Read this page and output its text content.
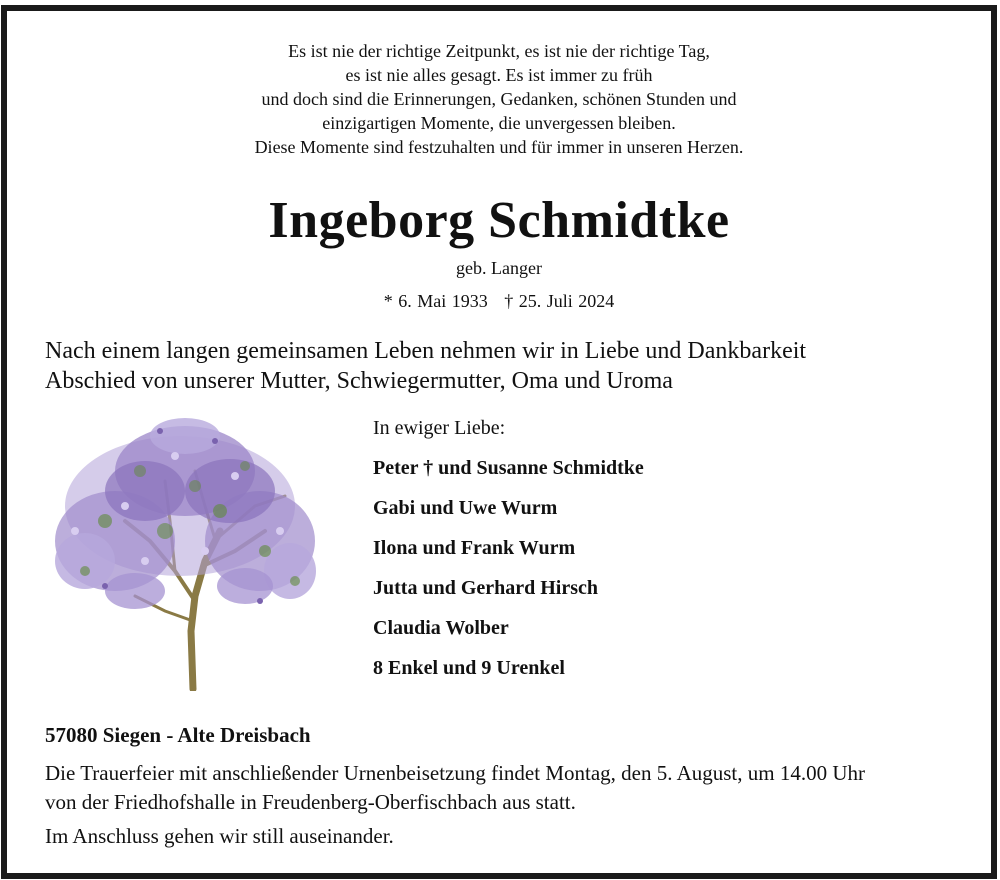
Es ist nie der richtige Zeitpunkt, es ist nie der richtige Tag,
es ist nie alles gesagt. Es ist immer zu früh
und doch sind die Erinnerungen, Gedanken, schönen Stunden und
einzigartigen Momente, die unvergessen bleiben.
Diese Momente sind festzuhalten und für immer in unseren Herzen.
Ingeborg Schmidtke
geb. Langer
* 6. Mai 1933 † 25. Juli 2024
Nach einem langen gemeinsamen Leben nehmen wir in Liebe und Dankbarkeit
Abschied von unserer Mutter, Schwiegermutter, Oma und Uroma
In ewiger Liebe:
Peter † und Susanne Schmidtke
Gabi und Uwe Wurm
Ilona und Frank Wurm
Jutta und Gerhard Hirsch
Claudia Wolber
8 Enkel und 9 Urenkel
57080 Siegen - Alte Dreisbach
Die Trauerfeier mit anschließender Urnenbeisetzung findet Montag, den 5. August, um 14.00 Uhr
von der Friedhofshalle in Freudenberg-Oberfischbach aus statt.
Im Anschluss gehen wir still auseinander.
